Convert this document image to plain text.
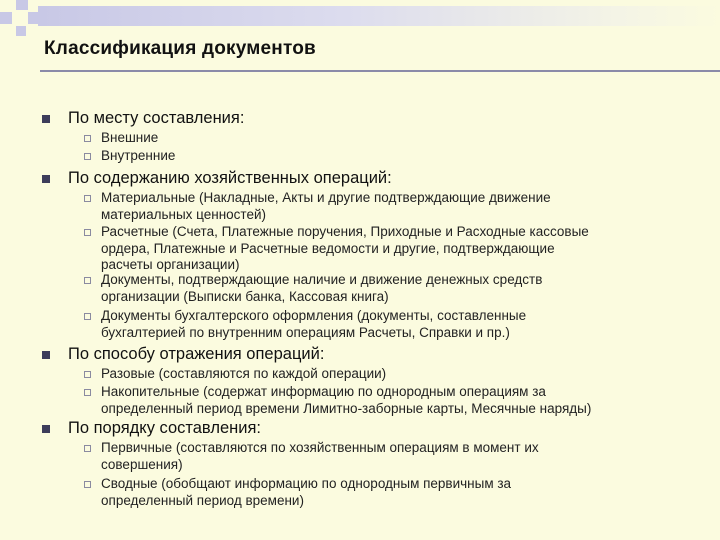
Классификация документов
По месту составления:
Внешние
Внутренние
По содержанию хозяйственных операций:
Материальные (Накладные, Акты и другие подтверждающие движение
материальных ценностей)
Расчетные (Счета, Платежные поручения, Приходные и Расходные кассовые
ордера, Платежные и Расчетные ведомости и другие, подтверждающие
расчеты организации)
Документы, подтверждающие наличие и движение денежных средств
организации (Выписки банка, Кассовая книга)
Документы бухгалтерского оформления (документы, составленные
бухгалтерией по внутренним операциям Расчеты, Справки и пр.)
По способу отражения операций:
Разовые (составляются по каждой операции)
Накопительные (содержат информацию по однородным операциям за
определенный период времени Лимитно-заборные карты, Месячные наряды)
По порядку составления:
Первичные (составляются по хозяйственным операциям в момент их
совершения)
Сводные (обобщают информацию по однородным первичным за
определенный период времени)
